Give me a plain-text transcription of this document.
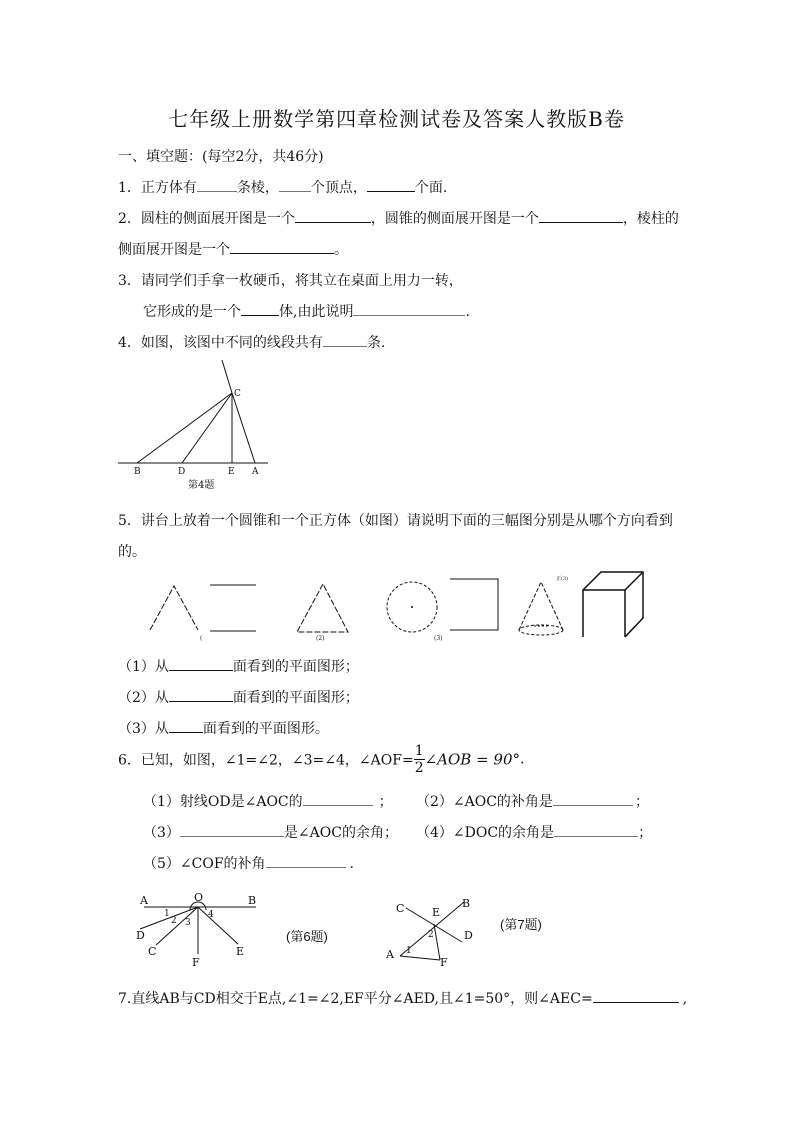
七年级上册数学第四章检测试卷及答案人教版B卷
一、填空题：(每空2分，共46分)
1．正方体有	条棱， 个顶点，	个面.
2．圆柱的侧面展开图是一个	，圆锥的侧面展开图是一个	，棱柱的
侧面展开图是一个	。
3．请同学们手拿一枚硬币，将其立在桌面上用力一转，
它形成的是一个	体,由此说明	.
4．如图，该图中不同的线段共有	条.
C
B	D	E A
第4题
5．讲台上放着一个圆锥和一个正方体（如图）请说明下面的三幅图分别是从哪个方向看到
的。
(	(2)	(3)
正(3)
（1）从	面看到的平面图形；
（2）从	面看到的平面图形；
（3）从 面看到的平面图形。
6．已知，如图，∠1=∠2，∠3=∠4，∠AOF= $\frac{1}{2}$ ∠AOB = 90°.
（1）射线OD是∠AOC的	； （2）∠AOC的补角是	；
（3）	是∠AOC的余角； （4）∠DOC的余角是	；
（5）∠COF的补角	.
A	O	B
1
2 3
4
D
C
F
E
(第6题)
C	B
E
2	D
A 1
F
(第7题)
7.直线AB与CD相交于E点,∠1=∠2,EF平分∠AED,且∠1=50°，则∠AEC=	,
